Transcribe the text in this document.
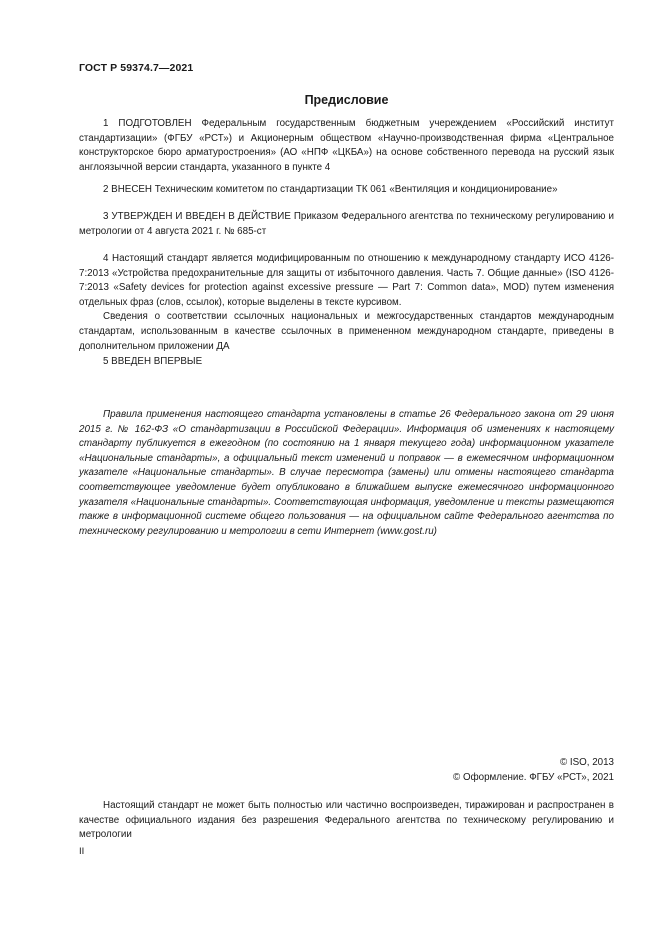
ГОСТ Р 59374.7—2021
Предисловие

1 ПОДГОТОВЛЕН Федеральным государственным бюджетным учереждением «Российский институт стандартизации» (ФГБУ «РСТ») и Акционерным обществом «Научно-производственная фирма «Центральное конструкторское бюро арматуростроения» (АО «НПФ «ЦКБА») на основе собственного перевода на русский язык англоязычной версии стандарта, указанного в пункте 4

2 ВНЕСЕН Техническим комитетом по стандартизации ТК 061 «Вентиляция и кондиционирование»

3 УТВЕРЖДЕН И ВВЕДЕН В ДЕЙСТВИЕ Приказом Федерального агентства по техническому регулированию и метрологии от 4 августа 2021 г. № 685-ст

4 Настоящий стандарт является модифицированным по отношению к международному стандарту ИСО 4126-7:2013 «Устройства предохранительные для защиты от избыточного давления. Часть 7. Общие данные» (ISO 4126-7:2013 «Safety devices for protection against excessive pressure — Part 7: Common data», MOD) путем изменения отдельных фраз (слов, ссылок), которые выделены в тексте курсивом.

Сведения о соответствии ссылочных национальных и межгосударственных стандартов международным стандартам, использованным в качестве ссылочных в примененном международном стандарте, приведены в дополнительном приложении ДА

5 ВВЕДЕН ВПЕРВЫЕ

Правила применения настоящего стандарта установлены в статье 26 Федерального закона от 29 июня 2015 г. № 162-ФЗ «О стандартизации в Российской Федерации». Информация об изменениях к настоящему стандарту публикуется в ежегодном (по состоянию на 1 января текущего года) информационном указателе «Национальные стандарты», а официальный текст изменений и поправок — в ежемесячном информационном указателе «Национальные стандарты». В случае пересмотра (замены) или отмены настоящего стандарта соответствующее уведомление будет опубликовано в ближайшем выпуске ежемесячного информационного указателя «Национальные стандарты». Соответствующая информация, уведомление и тексты размещаются также в информационной системе общего пользования — на официальном сайте Федерального агентства по техническому регулированию и метрологии в сети Интернет (www.gost.ru)

© ISO, 2013
© Оформление. ФГБУ «РСТ», 2021

Настоящий стандарт не может быть полностью или частично воспроизведен, тиражирован и распространен в качестве официального издания без разрешения Федерального агентства по техническому регулированию и метрологии

II
